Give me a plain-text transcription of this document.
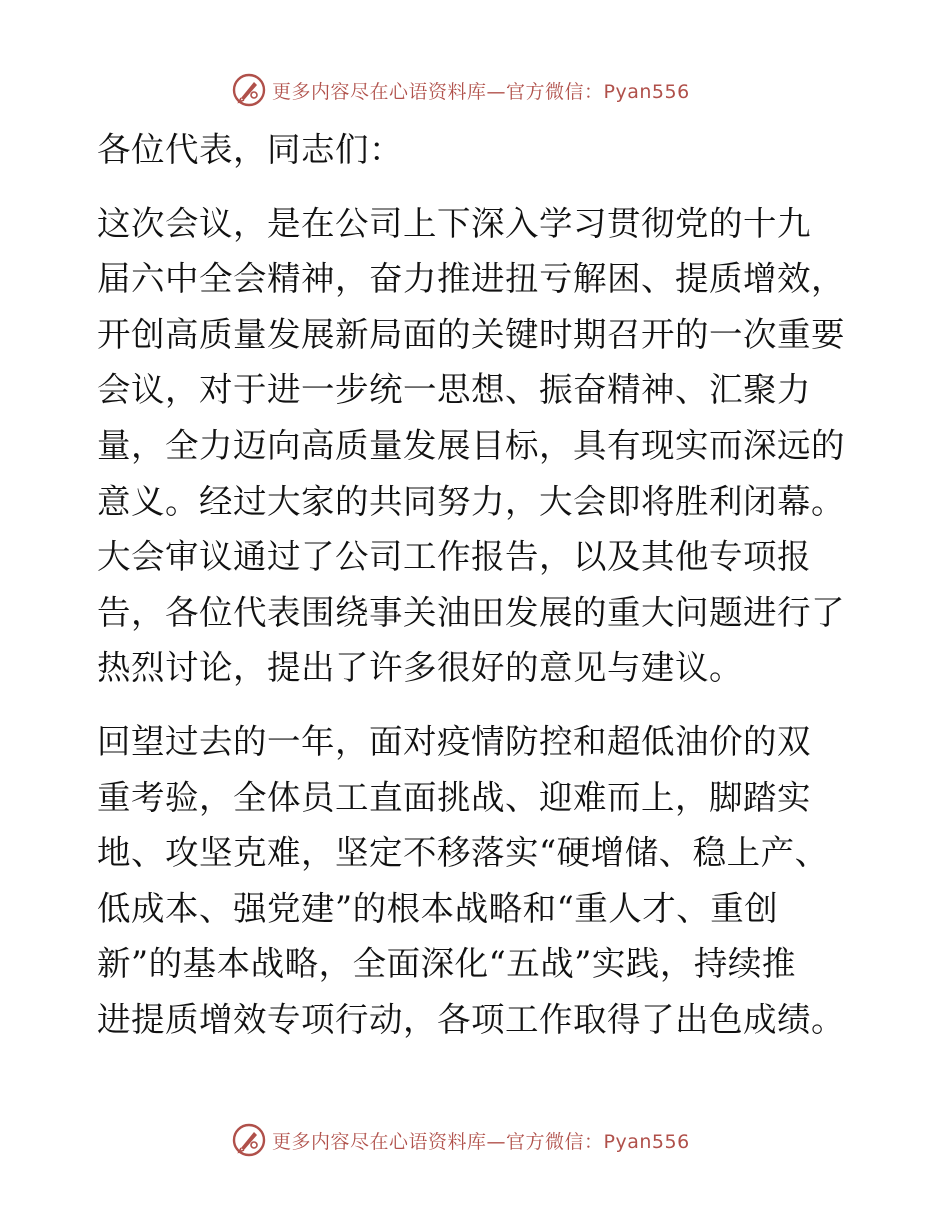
更多内容尽在心语资料库—官方微信：Pyan556

各位代表，同志们：

这次会议，是在公司上下深入学习贯彻党的十九
届六中全会精神，奋力推进扭亏解困、提质增效，
开创高质量发展新局面的关键时期召开的一次重要
会议，对于进一步统一思想、振奋精神、汇聚力
量，全力迈向高质量发展目标，具有现实而深远的
意义。经过大家的共同努力，大会即将胜利闭幕。
大会审议通过了公司工作报告，以及其他专项报
告，各位代表围绕事关油田发展的重大问题进行了
热烈讨论，提出了许多很好的意见与建议。

回望过去的一年，面对疫情防控和超低油价的双
重考验，全体员工直面挑战、迎难而上，脚踏实
地、攻坚克难，坚定不移落实“硬增储、稳上产、
低成本、强党建”的根本战略和“重人才、重创
新”的基本战略，全面深化“五战”实践，持续推
进提质增效专项行动，各项工作取得了出色成绩。

更多内容尽在心语资料库—官方微信：Pyan556
